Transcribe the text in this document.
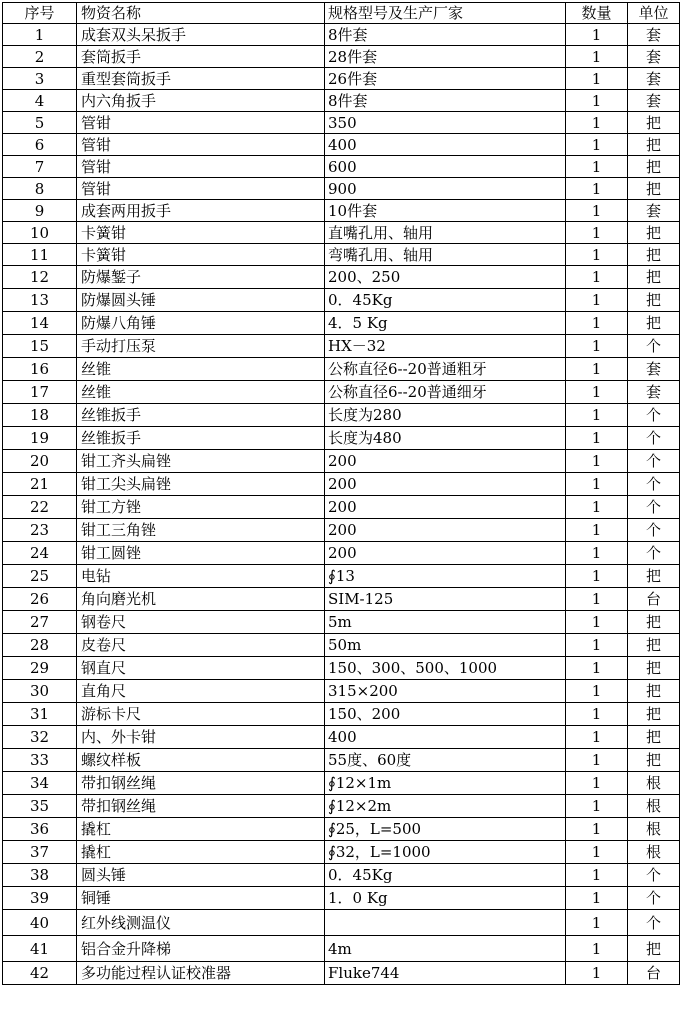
序号	物资名称	规格型号及生产厂家	数量	单位
1	成套双头呆扳手	8件套	1	套
2	套筒扳手	28件套	1	套
3	重型套筒扳手	26件套	1	套
4	内六角扳手	8件套	1	套
5	管钳	350	1	把
6	管钳	400	1	把
7	管钳	600	1	把
8	管钳	900	1	把
9	成套两用扳手	10件套	1	套
10	卡簧钳	直嘴孔用、轴用	1	把
11	卡簧钳	弯嘴孔用、轴用	1	把
12	防爆錾子	200、250	1	把
13	防爆圆头锤	0．45Kg	1	把
14	防爆八角锤	4．5 Kg	1	把
15	手动打压泵	HX－32	1	个
16	丝锥	公称直径6--20普通粗牙	1	套
17	丝锥	公称直径6--20普通细牙	1	套
18	丝锥扳手	长度为280	1	个
19	丝锥扳手	长度为480	1	个
20	钳工齐头扁锉	200	1	个
21	钳工尖头扁锉	200	1	个
22	钳工方锉	200	1	个
23	钳工三角锉	200	1	个
24	钳工圆锉	200	1	个
25	电钻	∮13	1	把
26	角向磨光机	SIM-125	1	台
27	钢卷尺	5m	1	把
28	皮卷尺	50m	1	把
29	钢直尺	150、300、500、1000	1	把
30	直角尺	315×200	1	把
31	游标卡尺	150、200	1	把
32	内、外卡钳	400	1	把
33	螺纹样板	55度、60度	1	把
34	带扣钢丝绳	∮12×1m	1	根
35	带扣钢丝绳	∮12×2m	1	根
36	撬杠	∮25，L=500	1	根
37	撬杠	∮32，L=1000	1	根
38	圆头锤	0．45Kg	1	个
39	铜锤	1．0 Kg	1	个
40	红外线测温仪		1	个
41	铝合金升降梯	4m	1	把
42	多功能过程认证校准器	Fluke744	1	台
